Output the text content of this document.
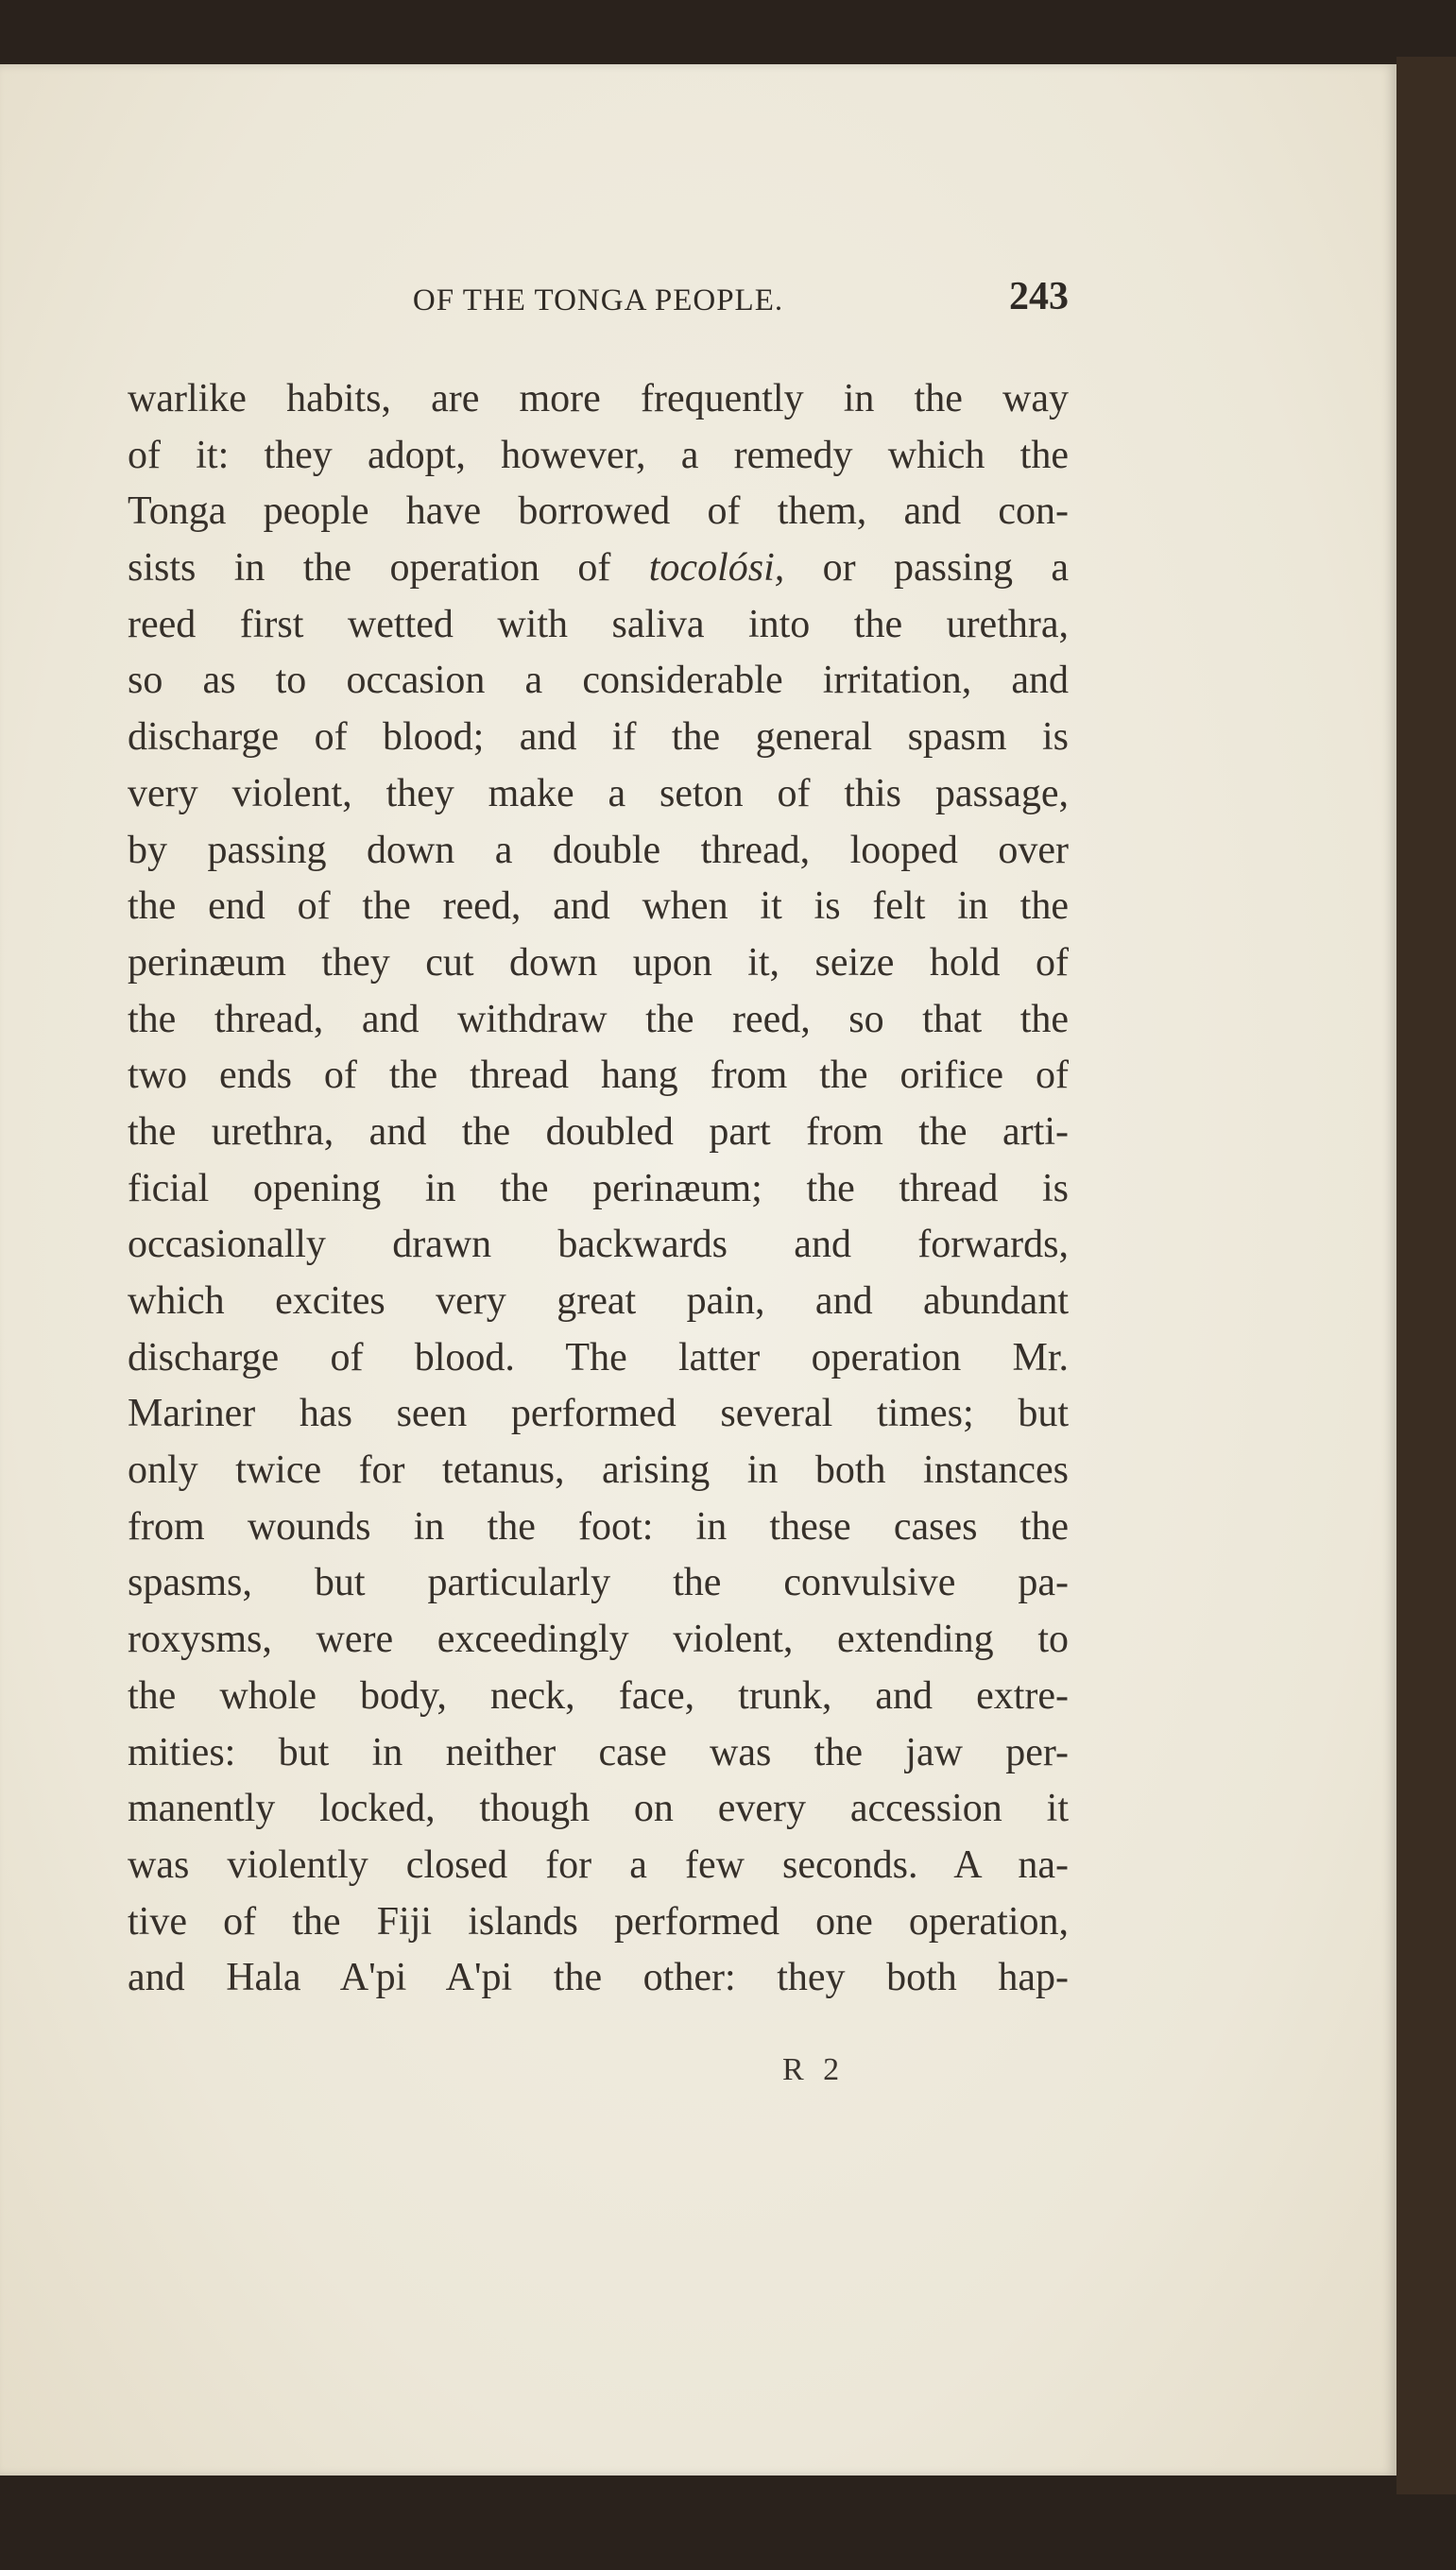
OF THE TONGA PEOPLE.	243
warlike habits, are more frequently in the way
of it: they adopt, however, a remedy which the
Tonga people have borrowed of them, and con-
sists in the operation of tocolósi, or passing a
reed first wetted with saliva into the urethra,
so as to occasion a considerable irritation, and
discharge of blood; and if the general spasm is
very violent, they make a seton of this passage,
by passing down a double thread, looped over
the end of the reed, and when it is felt in the
perinæum they cut down upon it, seize hold of
the thread, and withdraw the reed, so that the
two ends of the thread hang from the orifice of
the urethra, and the doubled part from the arti-
ficial opening in the perinæum; the thread is
occasionally drawn backwards and forwards,
which excites very great pain, and abundant
discharge of blood. The latter operation Mr.
Mariner has seen performed several times; but
only twice for tetanus, arising in both instances
from wounds in the foot: in these cases the
spasms, but particularly the convulsive pa-
roxysms, were exceedingly violent, extending to
the whole body, neck, face, trunk, and extre-
mities: but in neither case was the jaw per-
manently locked, though on every accession it
was violently closed for a few seconds. A na-
tive of the Fiji islands performed one operation,
and Hala A'pi A'pi the other: they both hap-
R 2
